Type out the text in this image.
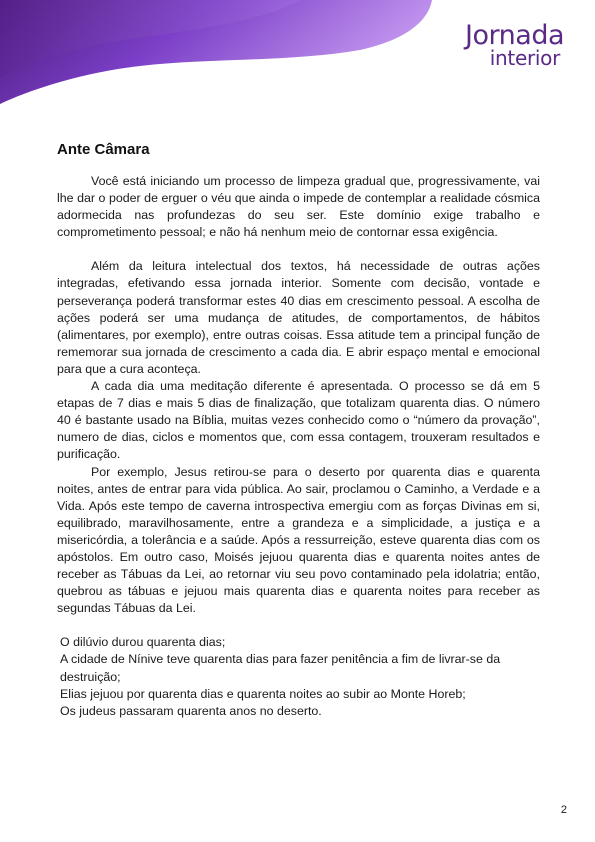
Jornada
interior
Ante Câmara

Você está iniciando um processo de limpeza gradual que, progressivamente, vai lhe dar o poder de erguer o véu que ainda o impede de contemplar a realidade cósmica adormecida nas profundezas do seu ser. Este domínio exige trabalho e comprometimento pessoal; e não há nenhum meio de contornar essa exigência.

Além da leitura intelectual dos textos, há necessidade de outras ações integradas, efetivando essa jornada interior. Somente com decisão, vontade e perseverança poderá transformar estes 40 dias em crescimento pessoal. A escolha de ações poderá ser uma mudança de atitudes, de comportamentos, de hábitos (alimentares, por exemplo), entre outras coisas. Essa atitude tem a principal função de rememorar sua jornada de crescimento a cada dia. E abrir espaço mental e emocional para que a cura aconteça.

A cada dia uma meditação diferente é apresentada. O processo se dá em 5 etapas de 7 dias e mais 5 dias de finalização, que totalizam quarenta dias. O número 40 é bastante usado na Bíblia, muitas vezes conhecido como o “número da provação”, numero de dias, ciclos e momentos que, com essa contagem, trouxeram resultados e purificação.

Por exemplo, Jesus retirou-se para o deserto por quarenta dias e quarenta noites, antes de entrar para vida pública. Ao sair, proclamou o Caminho, a Verdade e a Vida. Após este tempo de caverna introspectiva emergiu com as forças Divinas em si, equilibrado, maravilhosamente, entre a grandeza e a simplicidade, a justiça e a misericórdia, a tolerância e a saúde. Após a ressurreição, esteve quarenta dias com os apóstolos. Em outro caso, Moisés jejuou quarenta dias e quarenta noites antes de receber as Tábuas da Lei, ao retornar viu seu povo contaminado pela idolatria; então, quebrou as tábuas e jejuou mais quarenta dias e quarenta noites para receber as segundas Tábuas da Lei.

O dilúvio durou quarenta dias;

A cidade de Nínive teve quarenta dias para fazer penitência a fim de livrar-se da destruição;

Elias jejuou por quarenta dias e quarenta noites ao subir ao Monte Horeb;

Os judeus passaram quarenta anos no deserto.

2
